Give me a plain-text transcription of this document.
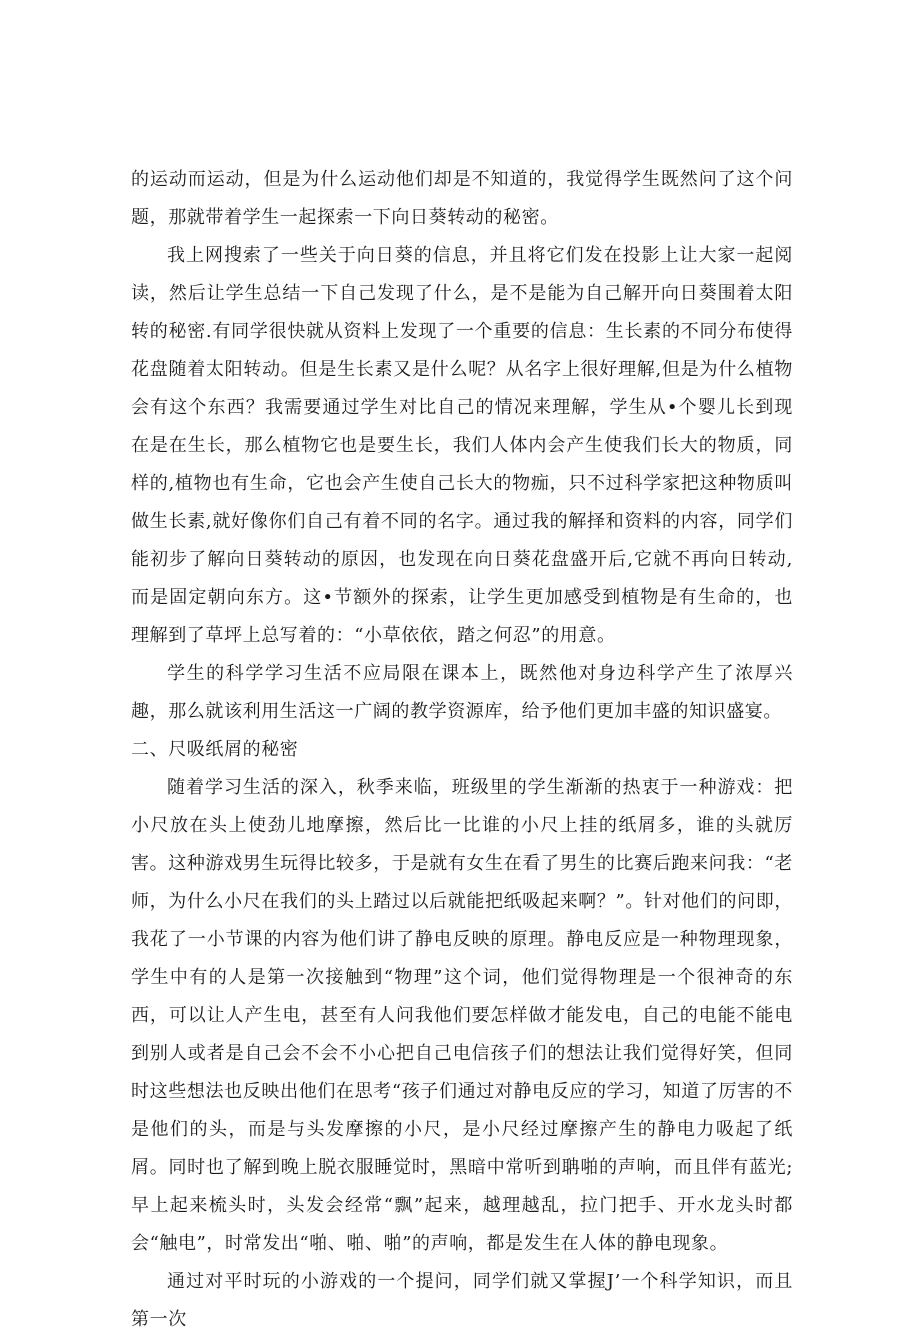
的运动而运动，但是为什么运动他们却是不知道的，我觉得学生既然问了这个问题，那就带着学生一起探索一下向日葵转动的秘密。

我上网搜索了一些关于向日葵的信息，并且将它们发在投影上让大家一起阅读，然后让学生总结一下自己发现了什么，是不是能为自己解开向日葵围着太阳转的秘密.有同学很快就从资料上发现了一个重要的信息：生长素的不同分布使得花盘随着太阳转动。但是生长素又是什么呢？从名字上很好理解,但是为什么植物会有这个东西？我需要通过学生对比自己的情况来理解，学生从•个婴儿长到现在是在生长，那么植物它也是要生长，我们人体内会产生使我们长大的物质，同样的,植物也有生命，它也会产生使自己长大的物痂，只不过科学家把这种物质叫做生长素,就好像你们自己有着不同的名字。通过我的解择和资料的内容，同学们能初步了解向日葵转动的原因，也发现在向日葵花盘盛开后,它就不再向日转动,而是固定朝向东方。这•节额外的探索，让学生更加感受到植物是有生命的，也理解到了草坪上总写着的：“小草依依，踏之何忍”的用意。

学生的科学学习生活不应局限在课本上，既然他对身边科学产生了浓厚兴趣，那么就该利用生活这一广阔的教学资源库，给予他们更加丰盛的知识盛宴。

二、尺吸纸屑的秘密

随着学习生活的深入，秋季来临，班级里的学生渐渐的热衷于一种游戏：把小尺放在头上使劲儿地摩擦，然后比一比谁的小尺上挂的纸屑多，谁的头就厉害。这种游戏男生玩得比较多，于是就有女生在看了男生的比赛后跑来问我：“老师，为什么小尺在我们的头上踏过以后就能把纸吸起来啊？”。针对他们的问即，我花了一小节课的内容为他们讲了静电反映的原理。静电反应是一种物理现象，学生中有的人是第一次接触到“物理”这个词，他们觉得物理是一个很神奇的东西，可以让人产生电，甚至有人问我他们要怎样做才能发电，自己的电能不能电到别人或者是自己会不会不小心把自己电信孩子们的想法让我们觉得好笑，但同时这些想法也反映出他们在思考“孩子们通过对静电反应的学习，知道了厉害的不是他们的头，而是与头发摩擦的小尺，是小尺经过摩擦产生的静电力吸起了纸屑。同时也了解到晚上脱衣服睡觉时，黑暗中常听到聃啪的声响，而且伴有蓝光;早上起来梳头时，头发会经常“飘”起来，越理越乱，拉门把手、开水龙头时都会“触电”，时常发出“啪、啪、啪”的声响，都是发生在人体的静电现象。

通过对平时玩的小游戏的一个提问，同学们就又掌握J’一个科学知识，而且第一次
